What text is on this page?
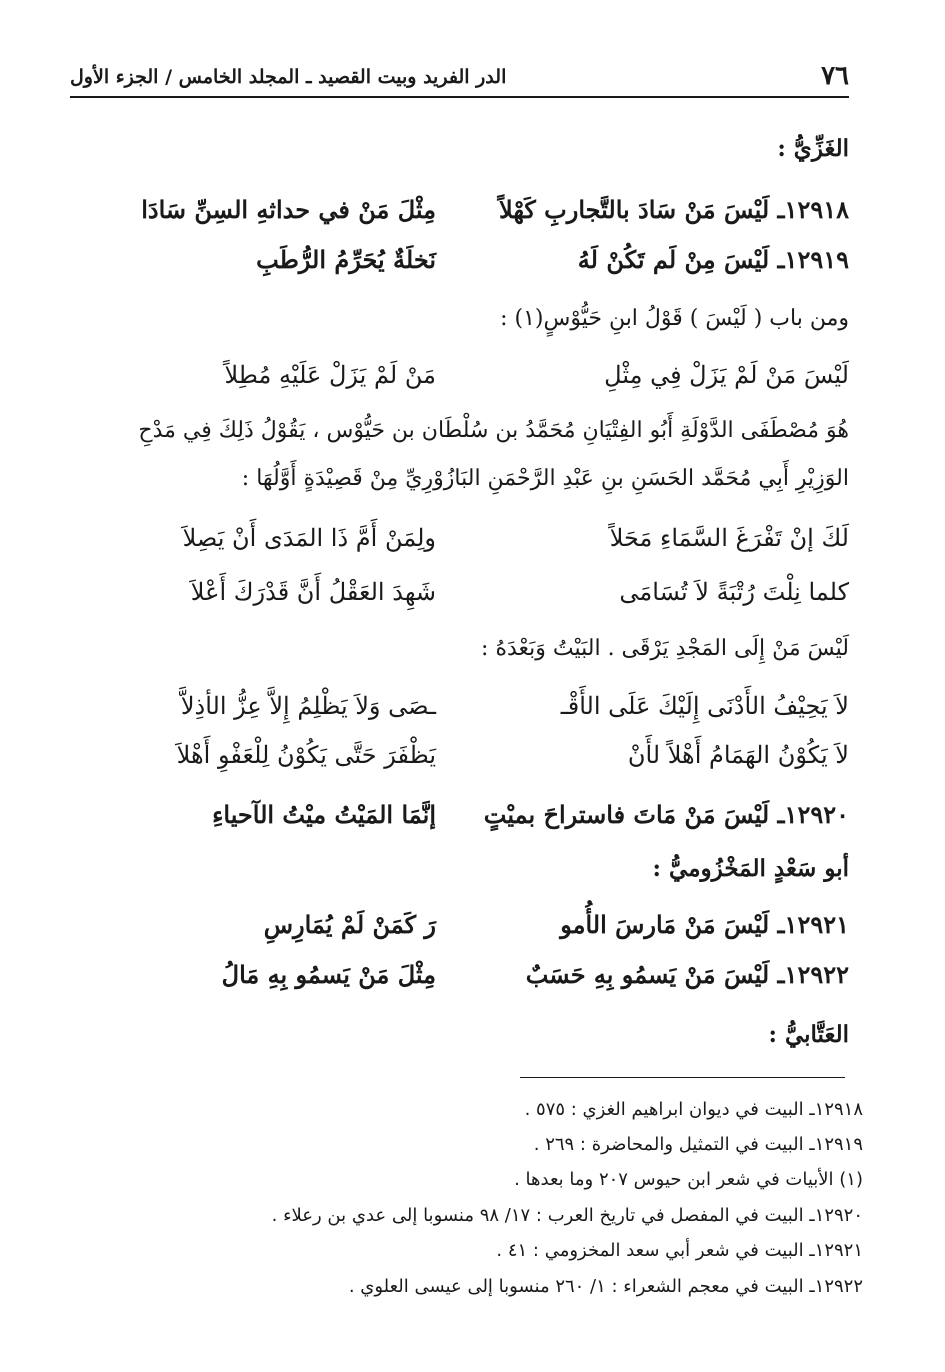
٧٦
الدر الفريد وبيت القصيد ـ المجلد الخامس / الجزء الأول
الغَزِّيُّ :
١٢٩١٨ـ لَيْسَ مَنْ سَادَ بالتَّجاربِ كَهْلاً
مِثْلَ مَنْ في حداثهِ السِنِّ سَادَا
١٢٩١٩ـ لَيْسَ مِنْ لَم تَكُنْ لَهُ
نَخلَةٌ يُحَرِّمُ الرُّطَبِ
ومن باب ( لَيْسَ ) قَوْلُ ابنِ حَيُّوْسٍ(١) :
لَيْسَ مَنْ لَمْ يَزَلْ فِي مِثْلِ
مَنْ لَمْ يَزَلْ عَلَيْهِ مُطِلاً
هُوَ مُصْطَفَى الدَّوْلَةِ أَبُو الفِتْيَانِ مُحَمَّدُ بن سُلْطَان بن حَيُّوْس ، يَقُوْلُ ذَلِكَ فِي مَدْحِ
الوَزِيْرِ أَبِي مُحَمَّد الحَسَنِ بنِ عَبْدِ الرَّحْمَنِ البَازُوْرِيِّ مِنْ قَصِيْدَةٍ أَوَّلُهَا :
لَكَ إنْ تَفْرَغَ السَّمَاءِ مَحَلاً
ولِمَنْ أَمَّ ذَا المَدَى أَنْ يَصِلاَ
كلما نِلْتَ رُتْبَةً لاَ تُسَامَى
شَهِدَ العَقْلُ أَنَّ قَدْرَكَ أَعْلاَ
لَيْسَ مَنْ إِلَى المَجْدِ يَرْقَى . البَيْتُ وَبَعْدَهُ :
لاَ يَحِيْفُ الأَدْنَى إِلَيْكَ عَلَى الأَقْـ
ـصَى وَلاَ يَظْلِمُ إِلاَّ عِزُّ الأذِلاَّ
لاَ يَكُوْنُ الهَمَامُ أَهْلاً لأَنْ
يَظْفَرَ حَتَّى يَكُوْنُ لِلْعَفْوِ أَهْلاَ
١٢٩٢٠ـ لَيْسَ مَنْ مَاتَ فاستراحَ بميْتٍ
إنَّمَا المَيْتُ ميْتُ الآحياءِ
أبو سَعْدٍ المَخْزُوميُّ :
١٢٩٢١ـ لَيْسَ مَنْ مَارسَ الأُمو
رَ كَمَنْ لَمْ يُمَارِسِ
١٢٩٢٢ـ لَيْسَ مَنْ يَسمُو بِهِ حَسَبٌ
مِثْلَ مَنْ يَسمُو بِهِ مَالُ
العَتَّابيُّ :
١٢٩١٨ـ البيت في ديوان ابراهيم الغزي : ٥٧٥ .
١٢٩١٩ـ البيت في التمثيل والمحاضرة : ٢٦٩ .
(١) الأبيات في شعر ابن حيوس ٢٠٧ وما بعدها .
١٢٩٢٠ـ البيت في المفصل في تاريخ العرب : ١٧/ ٩٨ منسوبا إلى عدي بن رعلاء .
١٢٩٢١ـ البيت في شعر أبي سعد المخزومي : ٤١ .
١٢٩٢٢ـ البيت في معجم الشعراء : ١/ ٢٦٠ منسوبا إلى عيسى العلوي .
